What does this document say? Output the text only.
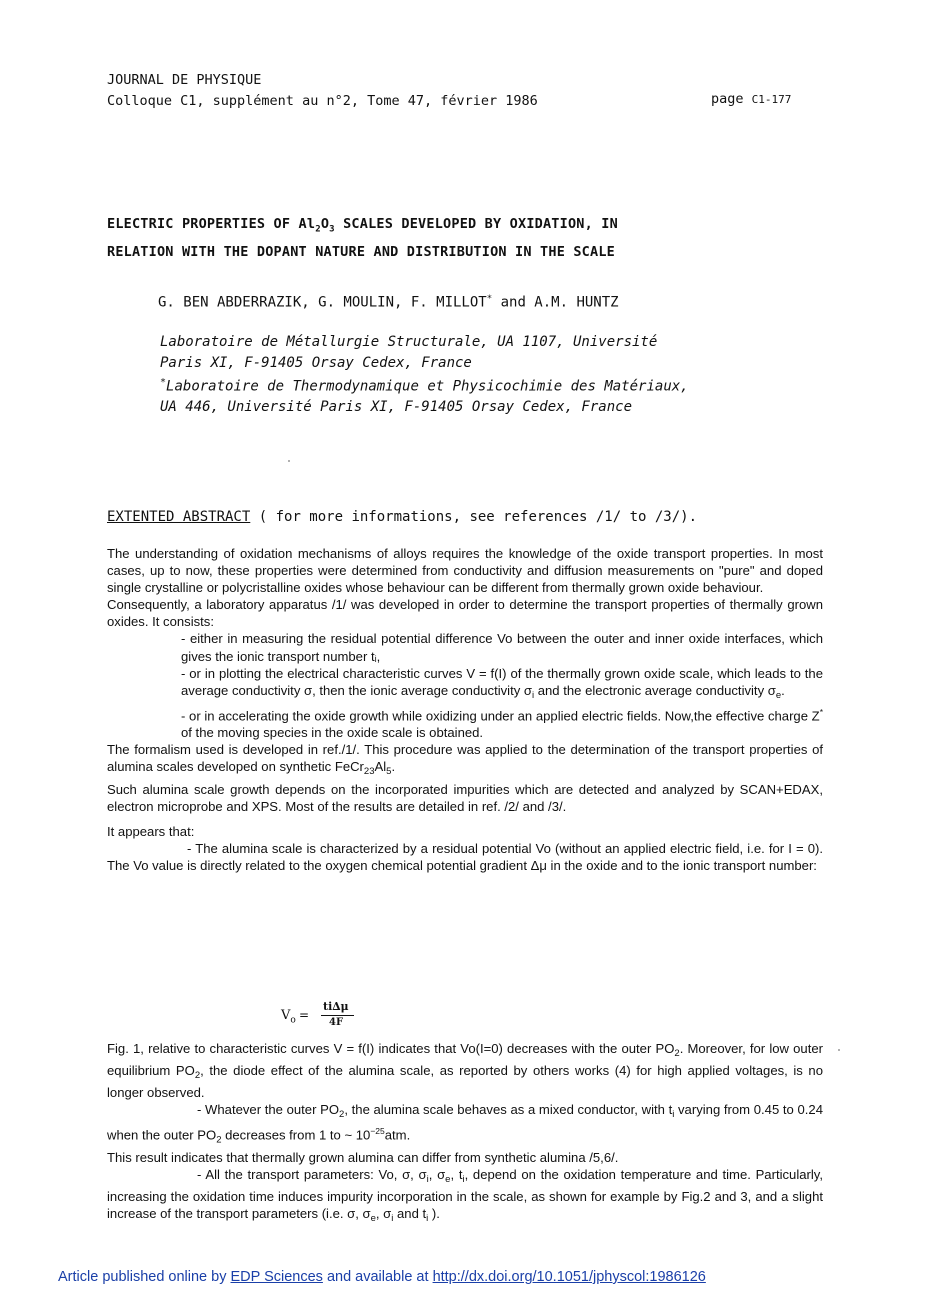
JOURNAL DE PHYSIQUE
Colloque C1, supplément au n°2, Tome 47, février 1986	page C1-177
ELECTRIC PROPERTIES OF $Al_2O_3$ SCALES DEVELOPED BY OXIDATION, IN
RELATION WITH THE DOPANT NATURE AND DISTRIBUTION IN THE SCALE
G. BEN ABDERRAZIK, G. MOULIN, F. MILLOT* and A.M. HUNTZ
Laboratoire de Métallurgie Structurale, UA 1107, Université
Paris XI, F-91405 Orsay Cedex, France
*Laboratoire de Thermodynamique et Physicochimie des Matériaux,
UA 446, Université Paris XI, F-91405 Orsay Cedex, France
EXTENTED ABSTRACT ( for more informations, see references /1/ to /3/).

The understanding of oxidation mechanisms of alloys requires the knowledge of the oxide transport properties. In most cases, up to now, these properties were determined from conductivity and diffusion measurements on "pure" and doped single crystalline or polycristalline oxides whose behaviour can be different from thermally grown oxide behaviour.

Consequently, a laboratory apparatus /1/ was developed in order to determine the transport properties of thermally grown oxides. It consists:

- either in measuring the residual potential difference Vo between the outer and inner oxide interfaces, which gives the ionic transport number tᵢ,

- or in plotting the electrical characteristic curves V = f(I) of the thermally grown oxide scale, which leads to the average conductivity σ, then the ionic average conductivity $\sigma_i$ and the electronic average conductivity $\sigma_e$.

- or in accelerating the oxide growth while oxidizing under an applied electric fields. Now,the effective charge Z* of the moving species in the oxide scale is obtained.

The formalism used is developed in ref./1/. This procedure was applied to the determination of the transport properties of alumina scales developed on synthetic $FeCr_{23}Al_5$.

Such alumina scale growth depends on the incorporated impurities which are detected and analyzed by SCAN+EDAX, electron microprobe and XPS. Most of the results are detailed in ref. /2/ and /3/.

It appears that:

- The alumina scale is characterized by a residual potential Vo (without an applied electric field, i.e. for I = 0). The Vo value is directly related to the oxygen chemical potential gradient Δμ in the oxide and to the ionic transport number:

$V_o$ =
ti∆μ
4F

Fig. 1, relative to characteristic curves V = f(I) indicates that Vo(I=0) decreases with the outer $PO_2$. Moreover, for low outer equilibrium $PO_2$, the diode effect of the alumina scale, as reported by others works (4) for high applied voltages, is no longer observed.

- Whatever the outer $PO_2$, the alumina scale behaves as a mixed conductor, with $t_i$ varying from 0.45 to 0.24 when the outer $PO_2$ decreases from 1 to ~ $10^{-25}atm$.

This result indicates that thermally grown alumina can differ from synthetic alumina /5,6/.

- All the transport parameters: Vo, σ, $\sigma_i$, $\sigma_e$, $t_i$, depend on the oxidation temperature and time. Particularly, increasing the oxidation time induces impurity incorporation in the scale, as shown for example by Fig.2 and 3, and a slight increase of the transport parameters (i.e. σ, $\sigma_e$, $\sigma_i$ and $t_i$ ).

Article published online by EDP Sciences and available at http://dx.doi.org/10.1051/jphyscol:1986126
